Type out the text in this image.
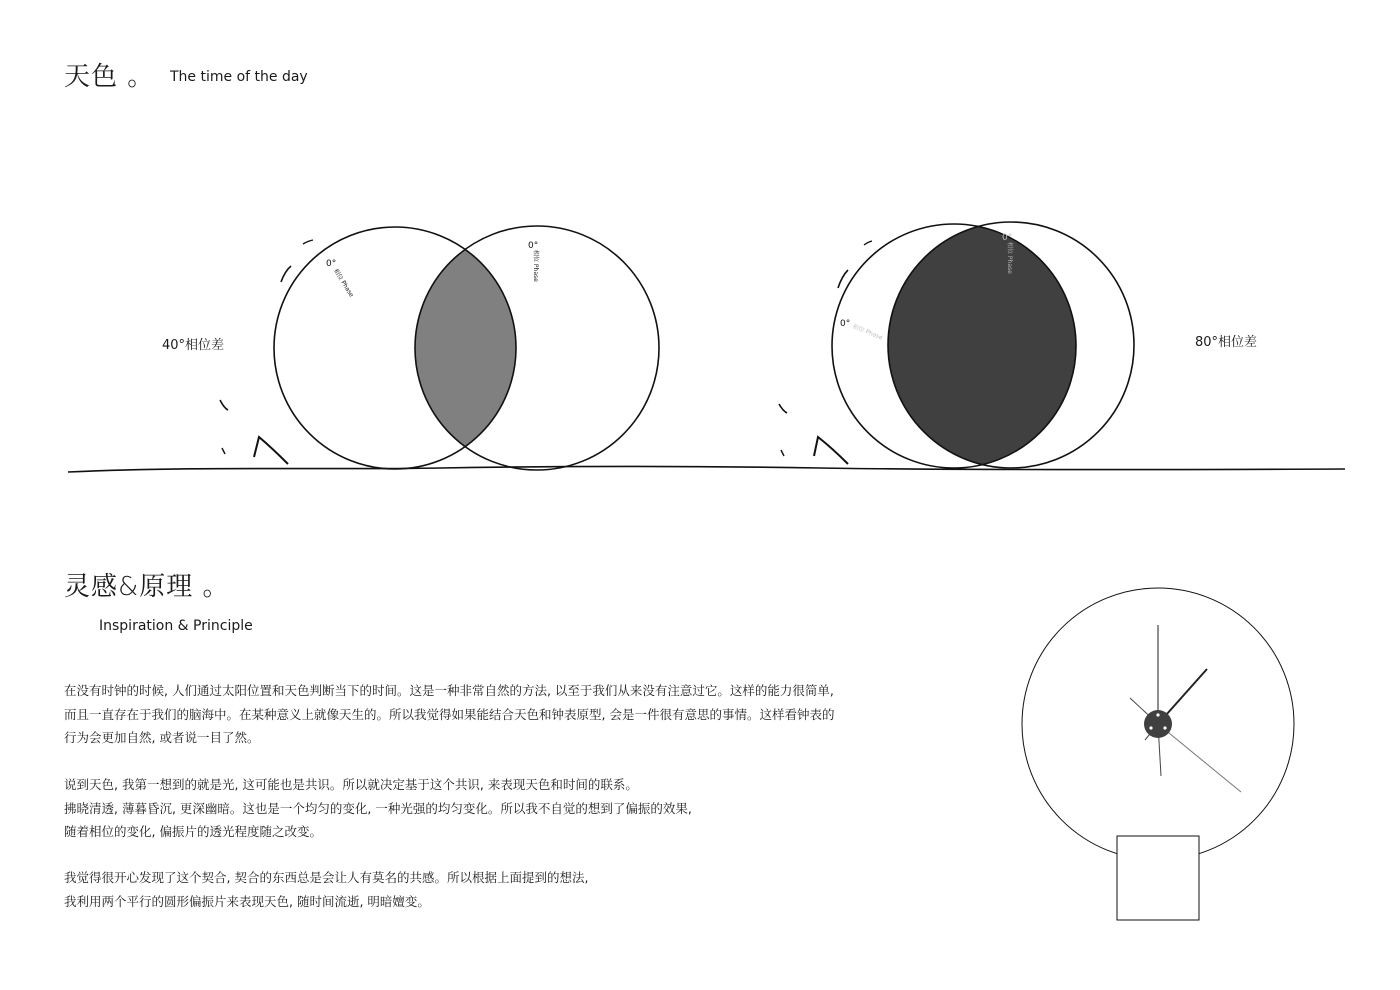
天色 。 The time of the day
40°相位差	80°相位差
0°
相位 Phase
0°
相位 Phase
0° 相位 Phase
0°
相位 Phase
灵感&原理 。
Inspiration & Principle
在没有时钟的时候, 人们通过太阳位置和天色判断当下的时间。这是一种非常自然的方法, 以至于我们从来没有注意过它。这样的能力很简单,
而且一直存在于我们的脑海中。在某种意义上就像天生的。所以我觉得如果能结合天色和钟表原型, 会是一件很有意思的事情。这样看钟表的
行为会更加自然, 或者说一目了然。
说到天色, 我第一想到的就是光, 这可能也是共识。所以就决定基于这个共识, 来表现天色和时间的联系。
拂晓清透, 薄暮昏沉, 更深幽暗。这也是一个均匀的变化, 一种光强的均匀变化。所以我不自觉的想到了偏振的效果,
随着相位的变化, 偏振片的透光程度随之改变。
我觉得很开心发现了这个契合, 契合的东西总是会让人有莫名的共感。所以根据上面提到的想法,
我利用两个平行的圆形偏振片来表现天色, 随时间流逝, 明暗嬗变。
